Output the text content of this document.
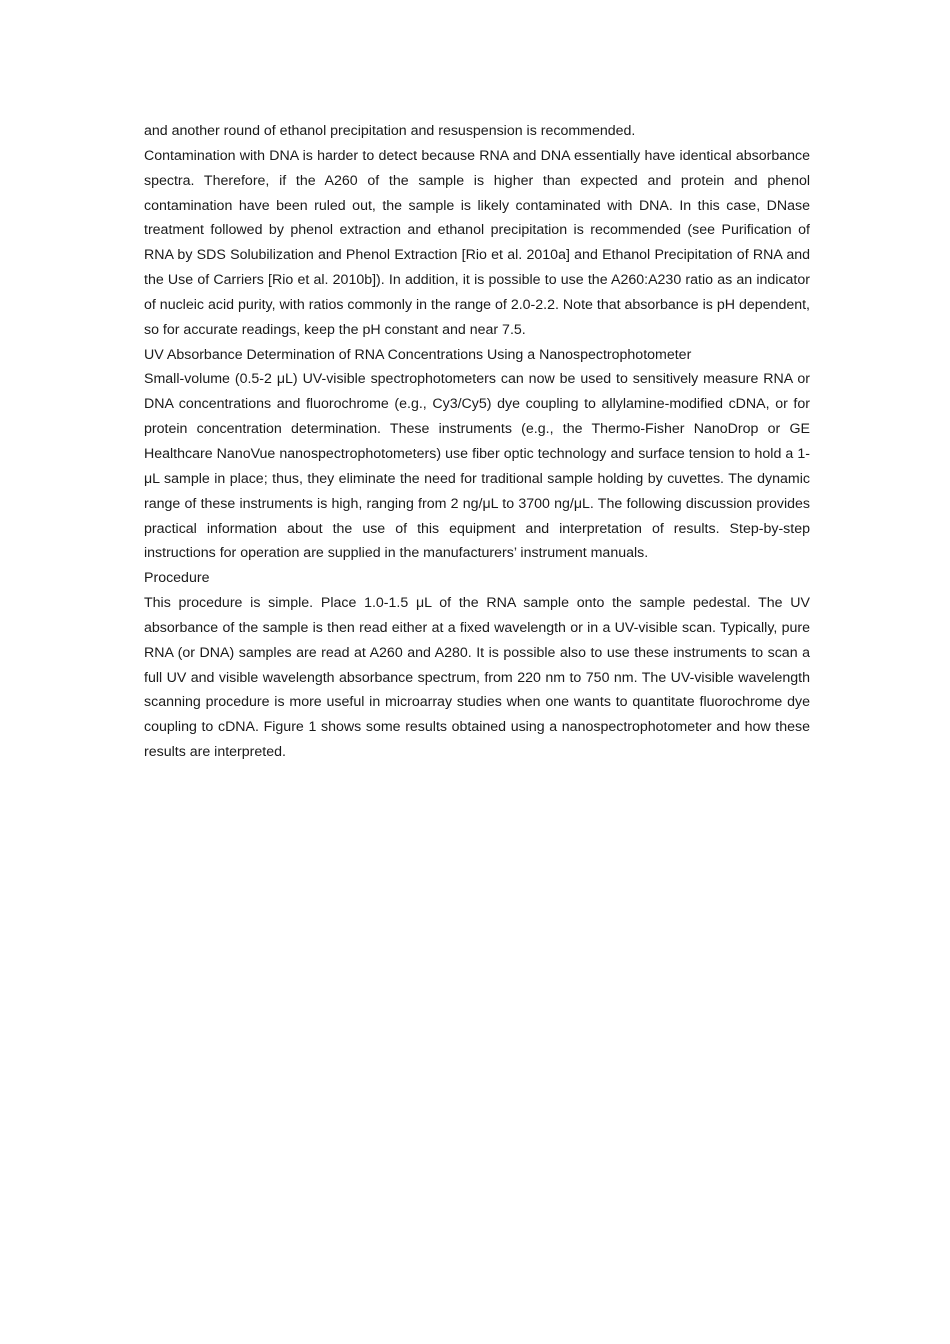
and another round of ethanol precipitation and resuspension is recommended.

Contamination with DNA is harder to detect because RNA and DNA essentially have identical absorbance spectra. Therefore, if the A260 of the sample is higher than expected and protein and phenol contamination have been ruled out, the sample is likely contaminated with DNA. In this case, DNase treatment followed by phenol extraction and ethanol precipitation is recommended (see Purification of RNA by SDS Solubilization and Phenol Extraction [Rio et al. 2010a] and Ethanol Precipitation of RNA and the Use of Carriers [Rio et al. 2010b]). In addition, it is possible to use the A260:A230 ratio as an indicator of nucleic acid purity, with ratios commonly in the range of 2.0-2.2. Note that absorbance is pH dependent, so for accurate readings, keep the pH constant and near 7.5.

UV Absorbance Determination of RNA Concentrations Using a Nanospectrophotometer

Small-volume (0.5-2 μL) UV-visible spectrophotometers can now be used to sensitively measure RNA or DNA concentrations and fluorochrome (e.g., Cy3/Cy5) dye coupling to allylamine-modified cDNA, or for protein concentration determination. These instruments (e.g., the Thermo-Fisher NanoDrop or GE Healthcare NanoVue nanospectrophotometers) use fiber optic technology and surface tension to hold a 1-μL sample in place; thus, they eliminate the need for traditional sample holding by cuvettes. The dynamic range of these instruments is high, ranging from 2 ng/μL to 3700 ng/μL. The following discussion provides practical information about the use of this equipment and interpretation of results. Step-by-step instructions for operation are supplied in the manufacturers’ instrument manuals.

Procedure

This procedure is simple. Place 1.0-1.5 μL of the RNA sample onto the sample pedestal. The UV absorbance of the sample is then read either at a fixed wavelength or in a UV-visible scan. Typically, pure RNA (or DNA) samples are read at A260 and A280. It is possible also to use these instruments to scan a full UV and visible wavelength absorbance spectrum, from 220 nm to 750 nm. The UV-visible wavelength scanning procedure is more useful in microarray studies when one wants to quantitate fluorochrome dye coupling to cDNA. Figure 1 shows some results obtained using a nanospectrophotometer and how these results are interpreted.
